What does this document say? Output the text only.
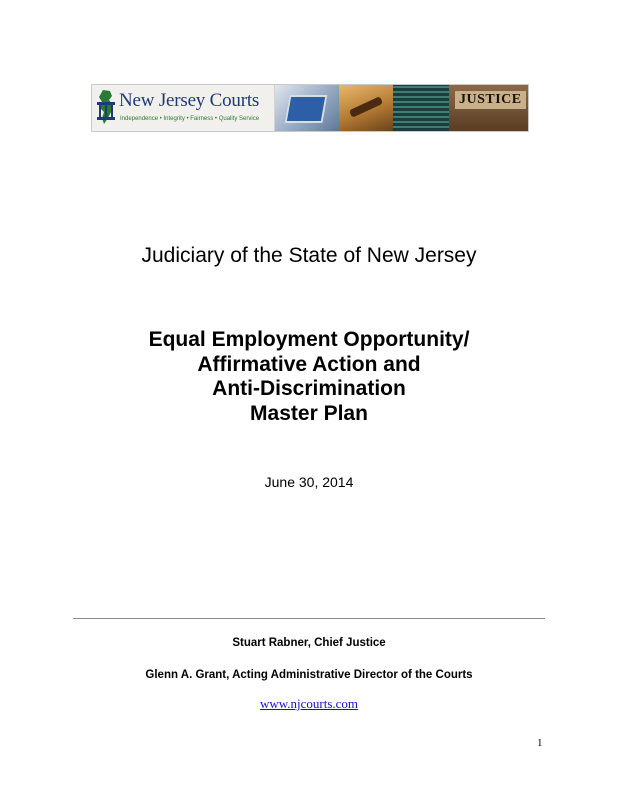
New Jersey Courts
Independence • Integrity • Fairness • Quality Service
JUSTICE
Judiciary of the State of New Jersey
Equal Employment Opportunity/
Affirmative Action and
Anti-Discrimination
Master Plan
June 30, 2014
Stuart Rabner, Chief Justice
Glenn A. Grant, Acting Administrative Director of the Courts
www.njcourts.com
1
